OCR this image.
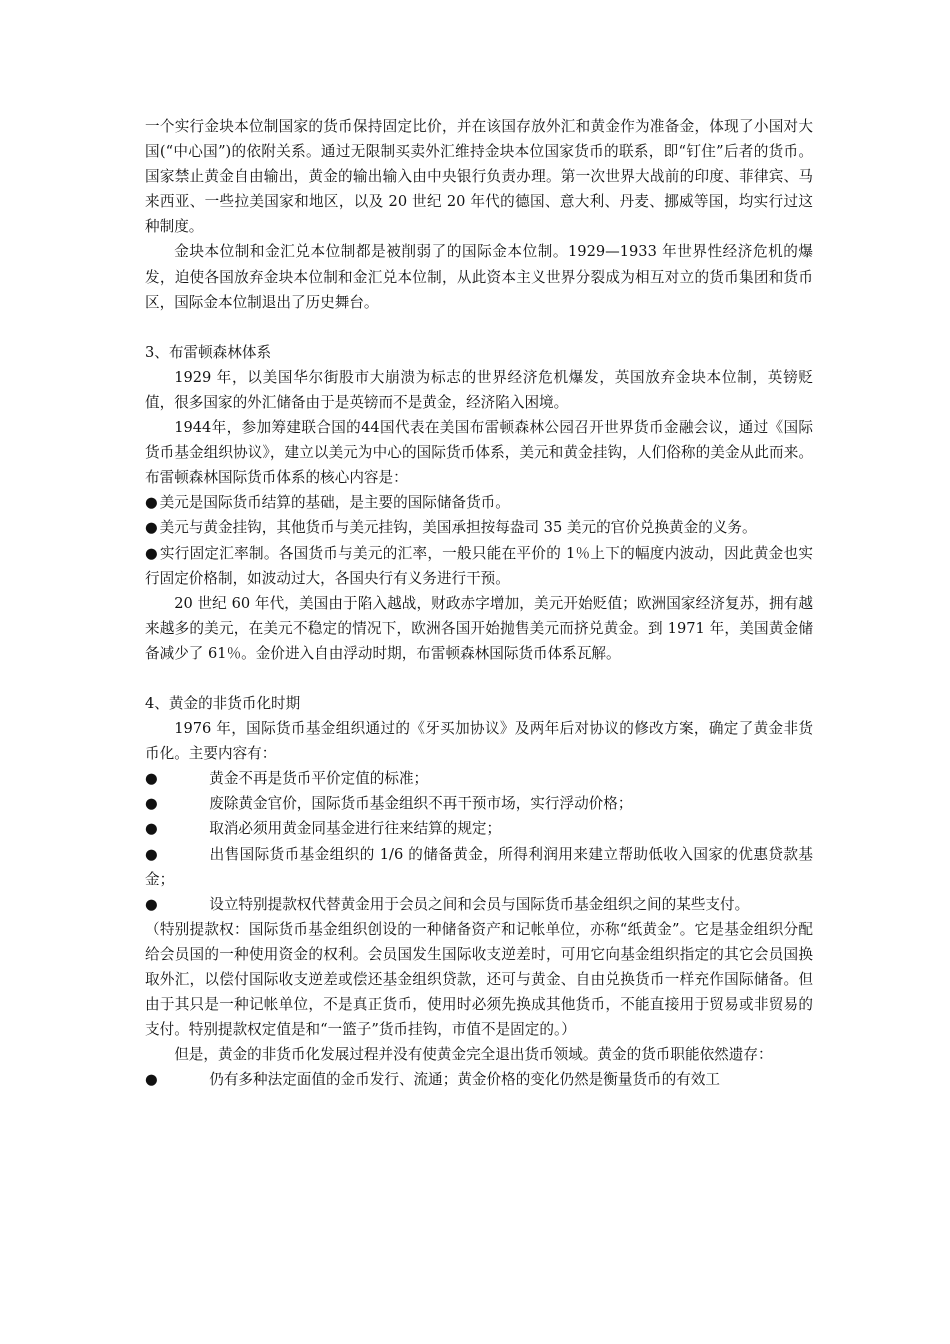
一个实行金块本位制国家的货币保持固定比价，并在该国存放外汇和黄金作为准备金，体现了小国对大国(“中心国”)的依附关系。通过无限制买卖外汇维持金块本位国家货币的联系，即“钉住”后者的货币。国家禁止黄金自由输出，黄金的输出输入由中央银行负责办理。第一次世界大战前的印度、菲律宾、马来西亚、一些拉美国家和地区，以及 20 世纪 20 年代的德国、意大利、丹麦、挪威等国，均实行过这种制度。

金块本位制和金汇兑本位制都是被削弱了的国际金本位制。1929—1933 年世界性经济危机的爆发，迫使各国放弃金块本位制和金汇兑本位制，从此资本主义世界分裂成为相互对立的货币集团和货币区，国际金本位制退出了历史舞台。

3、布雷顿森林体系

1929 年，以美国华尔街股市大崩溃为标志的世界经济危机爆发，英国放弃金块本位制，英镑贬值，很多国家的外汇储备由于是英镑而不是黄金，经济陷入困境。

1944年，参加筹建联合国的44国代表在美国布雷顿森林公园召开世界货币金融会议，通过《国际货币基金组织协议》，建立以美元为中心的国际货币体系，美元和黄金挂钩，人们俗称的美金从此而来。布雷顿森林国际货币体系的核心内容是：

● 美元是国际货币结算的基础，是主要的国际储备货币。

● 美元与黄金挂钩，其他货币与美元挂钩，美国承担按每盎司 35 美元的官价兑换黄金的义务。

● 实行固定汇率制。各国货币与美元的汇率，一般只能在平价的 1％上下的幅度内波动，因此黄金也实行固定价格制，如波动过大，各国央行有义务进行干预。

20 世纪 60 年代，美国由于陷入越战，财政赤字增加，美元开始贬值；欧洲国家经济复苏，拥有越来越多的美元，在美元不稳定的情况下，欧洲各国开始抛售美元而挤兑黄金。到 1971 年，美国黄金储备减少了 61％。金价进入自由浮动时期，布雷顿森林国际货币体系瓦解。

4、黄金的非货币化时期

1976 年，国际货币基金组织通过的《牙买加协议》及两年后对协议的修改方案，确定了黄金非货币化。主要内容有：

●	黄金不再是货币平价定值的标准；

●	废除黄金官价，国际货币基金组织不再干预市场，实行浮动价格；

●	取消必须用黄金同基金进行往来结算的规定；

●	出售国际货币基金组织的 1/6 的储备黄金，所得利润用来建立帮助低收入国家的优惠贷款基金；

●	设立特别提款权代替黄金用于会员之间和会员与国际货币基金组织之间的某些支付。

（特别提款权：国际货币基金组织创设的一种储备资产和记帐单位，亦称“纸黄金”。它是基金组织分配给会员国的一种使用资金的权利。会员国发生国际收支逆差时，可用它向基金组织指定的其它会员国换取外汇，以偿付国际收支逆差或偿还基金组织贷款，还可与黄金、自由兑换货币一样充作国际储备。但由于其只是一种记帐单位，不是真正货币，使用时必须先换成其他货币，不能直接用于贸易或非贸易的支付。特别提款权定值是和“一篮子”货币挂钩，市值不是固定的。）

但是，黄金的非货币化发展过程并没有使黄金完全退出货币领域。黄金的货币职能依然遗存：

●	仍有多种法定面值的金币发行、流通；黄金价格的变化仍然是衡量货币的有效工
